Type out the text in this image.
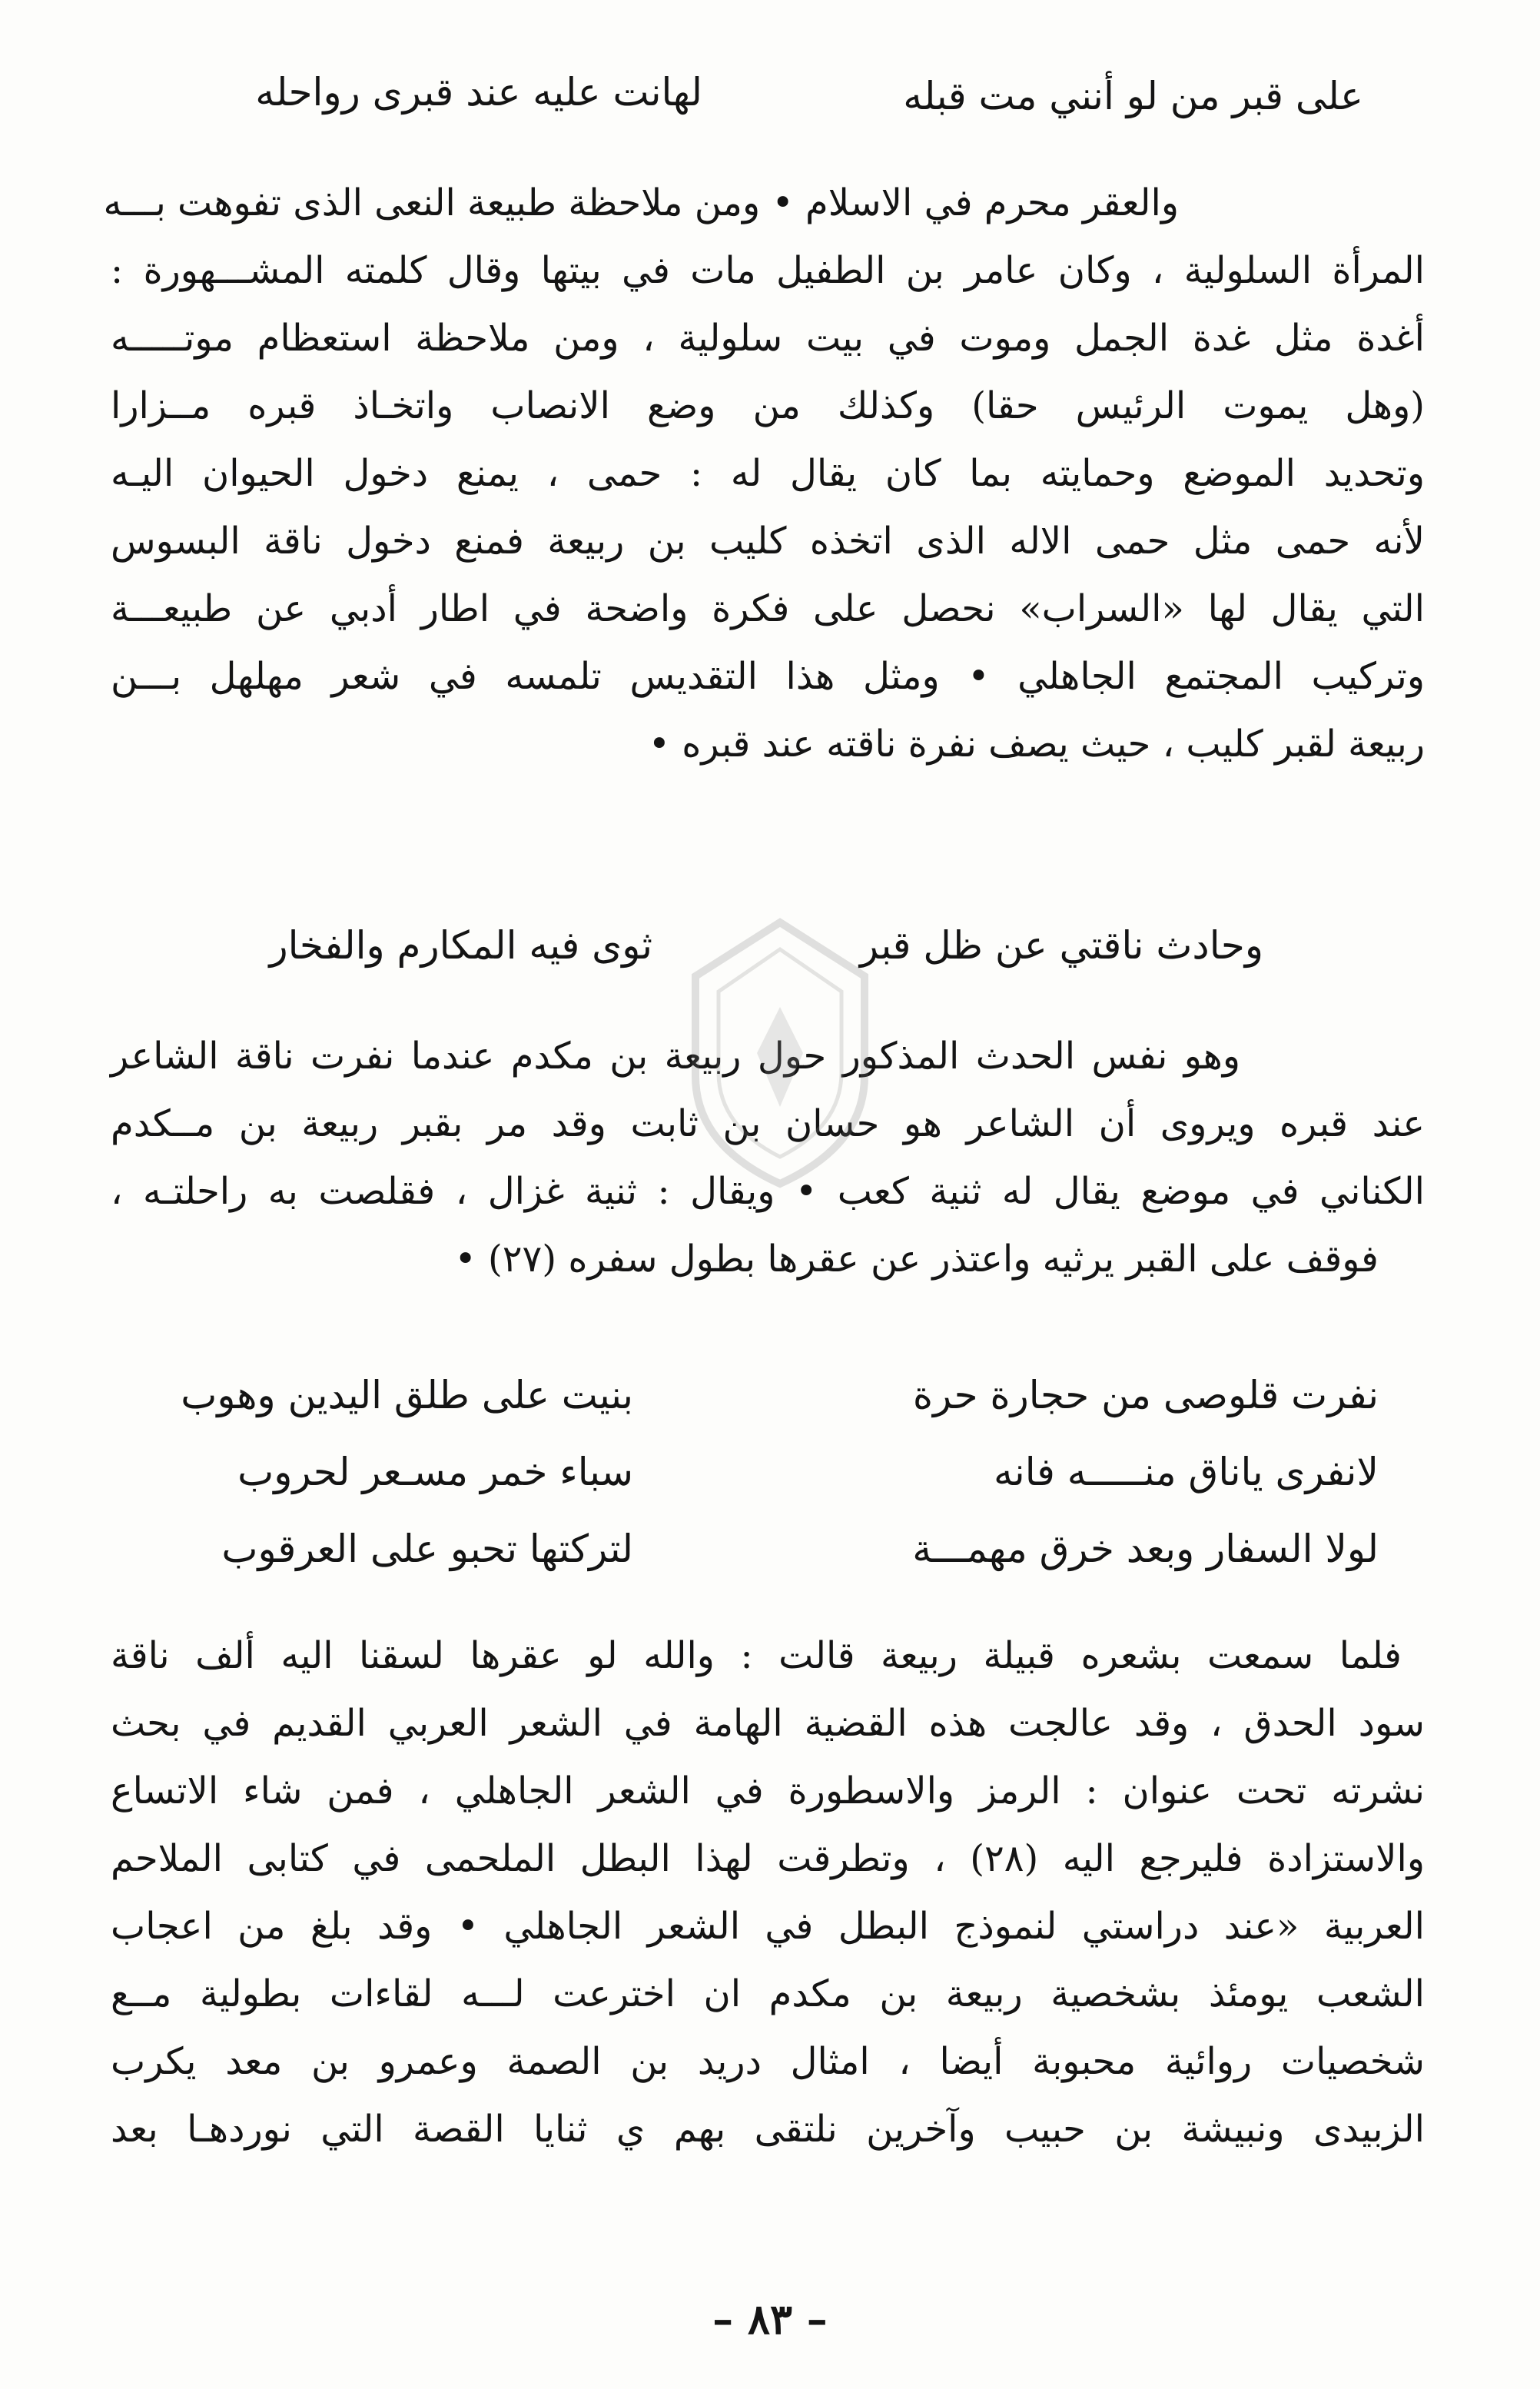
على قبر من لو أنني مت قبله
لهانت عليه عند قبرى رواحله
والعقر محرم في الاسلام • ومن ملاحظة طبيعة النعى الذى تفوهت بـــه
المرأة السلولية ، وكان عامر بن الطفيل مات في بيتها وقال كلمته المشـــهورة :
أغدة مثل غدة الجمل وموت في بيت سلولية ، ومن ملاحظة استعظام موتـــــه
(وهل يموت الرئيس حقا) وكذلك من وضع الانصاب واتخـاذ قبره مــزارا
وتحديد الموضع وحمايته بما كان يقال له : حمى ، يمنع دخول الحيوان اليـه
لأنه حمى مثل حمى الاله الذى اتخذه كليب بن ربيعة فمنع دخول ناقة البسوس
التي يقال لها «السراب» نحصل على فكرة واضحة في اطار أدبي عن طبيعـــة
وتركيب المجتمع الجاهلي • ومثل هذا التقديس تلمسه في شعر مهلهل بـــن
ربيعة لقبر كليب ، حيث يصف نفرة ناقته عند قبره •
وحادث ناقتي عن ظل قبر
ثوى فيه المكارم والفخار
وهو نفس الحدث المذكور حول ربيعة بن مكدم عندما نفرت ناقة الشاعر
عند قبره ويروى أن الشاعر هو حسان بن ثابت وقد مر بقبر ربيعة بن مــكدم
الكناني في موضع يقال له ثنية كعب • ويقال : ثنية غزال ، فقلصت به راحلتـه ،
فوقف على القبر يرثيه واعتذر عن عقرها بطول سفره (٢٧) •
نفرت قلوصى من حجارة حرة
بنيت على طلق اليدين وهوب
لانفرى ياناق منـــــه فانه
سباء خمر مسـعر لحروب
لولا السفار وبعد خرق مهمـــة
لتركتها تحبو على العرقوب
فلما سمعت بشعره قبيلة ربيعة قالت : والله لو عقرها لسقنا اليه ألف ناقة
سود الحدق ، وقد عالجت هذه القضية الهامة في الشعر العربي القديم في بحث
نشرته تحت عنوان : الرمز والاسطورة في الشعر الجاهلي ، فمن شاء الاتساع
والاستزادة فليرجع اليه (٢٨) ، وتطرقت لهذا البطل الملحمى في كتابى الملاحم
العربية «عند دراستي لنموذج البطل في الشعر الجاهلي • وقد بلغ من اعجاب
الشعب يومئذ بشخصية ربيعة بن مكدم ان اخترعت لـــه لقاءات بطولية مــع
شخصيات روائية محبوبة أيضا ، امثال دريد بن الصمة وعمرو بن معد يكرب
الزبيدى ونبيشة بن حبيب وآخرين نلتقى بهم ي ثنايا القصة التي نوردهـا بعد
– ٨٣ –
